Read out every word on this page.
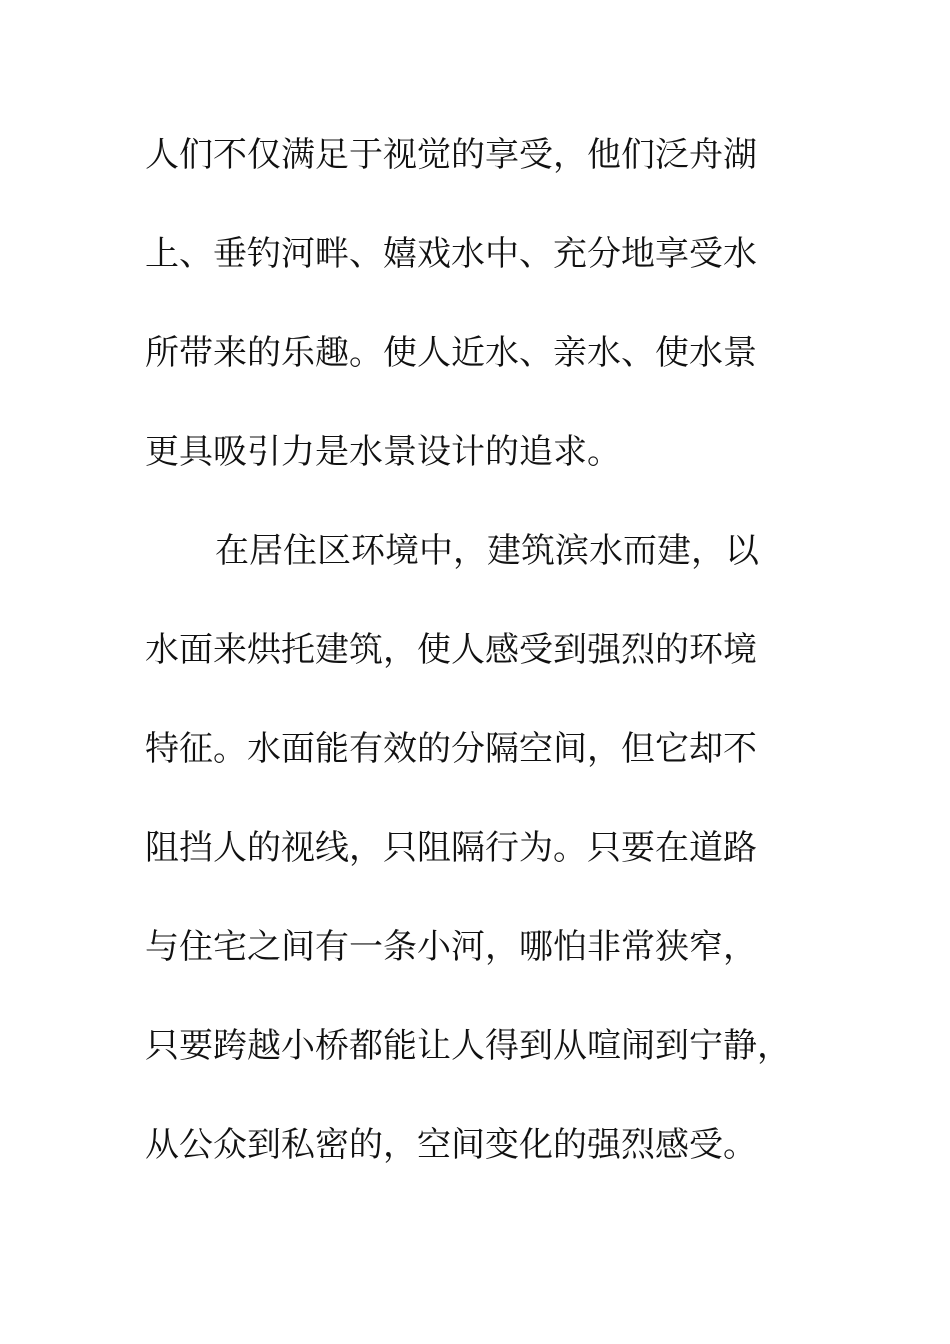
人们不仅满足于视觉的享受，他们泛舟湖
上、垂钓河畔、嬉戏水中、充分地享受水
所带来的乐趣。使人近水、亲水、使水景
更具吸引力是水景设计的追求。
在居住区环境中，建筑滨水而建，以
水面来烘托建筑，使人感受到强烈的环境
特征。水面能有效的分隔空间，但它却不
阻挡人的视线，只阻隔行为。只要在道路
与住宅之间有一条小河，哪怕非常狭窄，
只要跨越小桥都能让人得到从喧闹到宁静，
从公众到私密的，空间变化的强烈感受。
